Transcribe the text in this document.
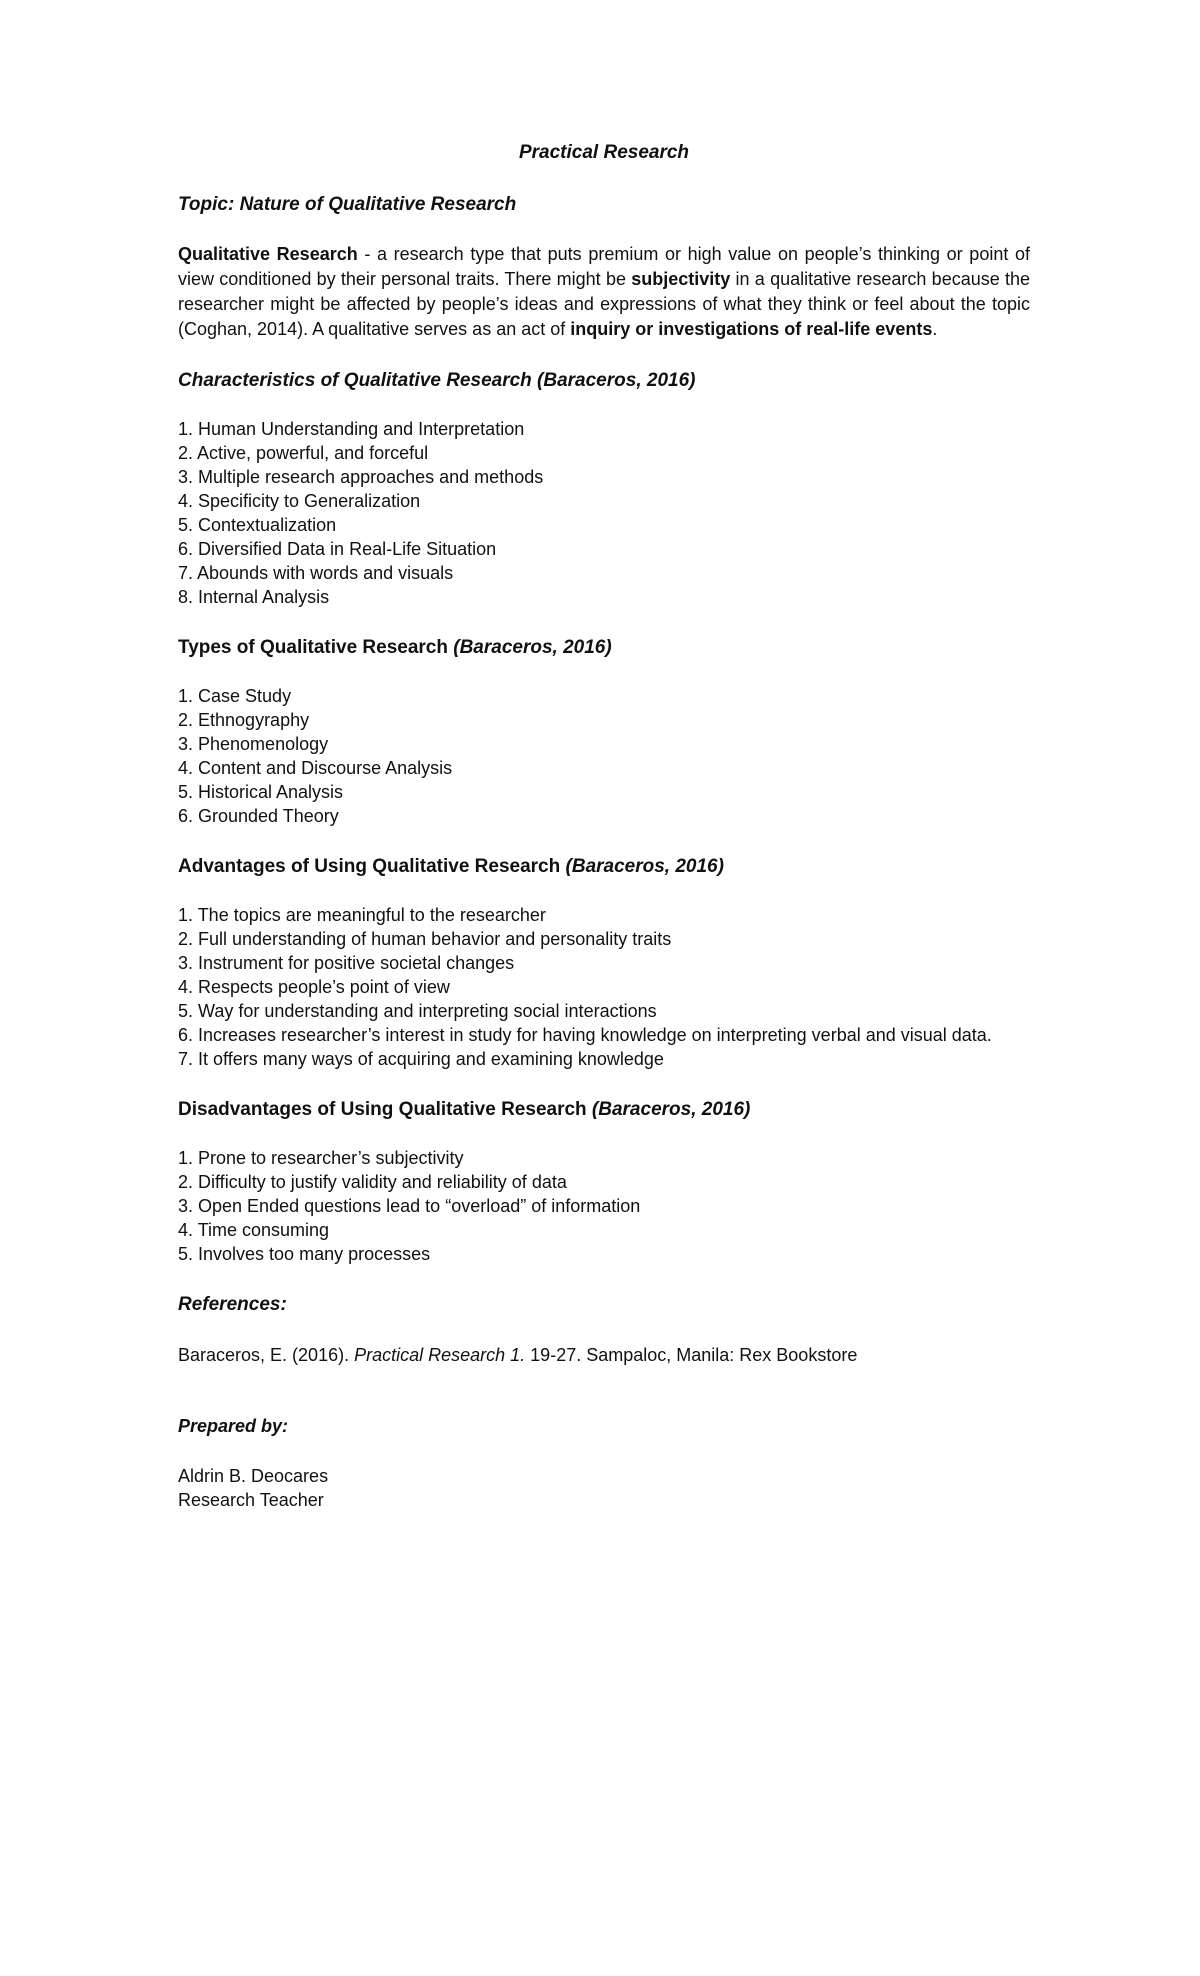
Practical Research
Topic: Nature of Qualitative Research

Qualitative Research - a research type that puts premium or high value on people’s thinking or point of view conditioned by their personal traits. There might be subjectivity in a qualitative research because the researcher might be affected by people’s ideas and expressions of what they think or feel about the topic (Coghan, 2014). A qualitative serves as an act of inquiry or investigations of real-life events.

Characteristics of Qualitative Research (Baraceros, 2016)
1. Human Understanding and Interpretation
2. Active, powerful, and forceful
3. Multiple research approaches and methods
4. Specificity to Generalization
5. Contextualization
6. Diversified Data in Real-Life Situation
7. Abounds with words and visuals
8. Internal Analysis
Types of Qualitative Research (Baraceros, 2016)
1. Case Study
2. Ethnogyraphy
3. Phenomenology
4. Content and Discourse Analysis
5. Historical Analysis
6. Grounded Theory
Advantages of Using Qualitative Research (Baraceros, 2016)
1. The topics are meaningful to the researcher
2. Full understanding of human behavior and personality traits
3. Instrument for positive societal changes
4. Respects people’s point of view
5. Way for understanding and interpreting social interactions
6. Increases researcher’s interest in study for having knowledge on interpreting verbal and visual data.
7. It offers many ways of acquiring and examining knowledge
Disadvantages of Using Qualitative Research (Baraceros, 2016)
1. Prone to researcher’s subjectivity
2. Difficulty to justify validity and reliability of data
3. Open Ended questions lead to “overload” of information
4. Time consuming
5. Involves too many processes
References:
Baraceros, E. (2016). Practical Research 1. 19-27. Sampaloc, Manila: Rex Bookstore
Prepared by:
Aldrin B. Deocares
Research Teacher
